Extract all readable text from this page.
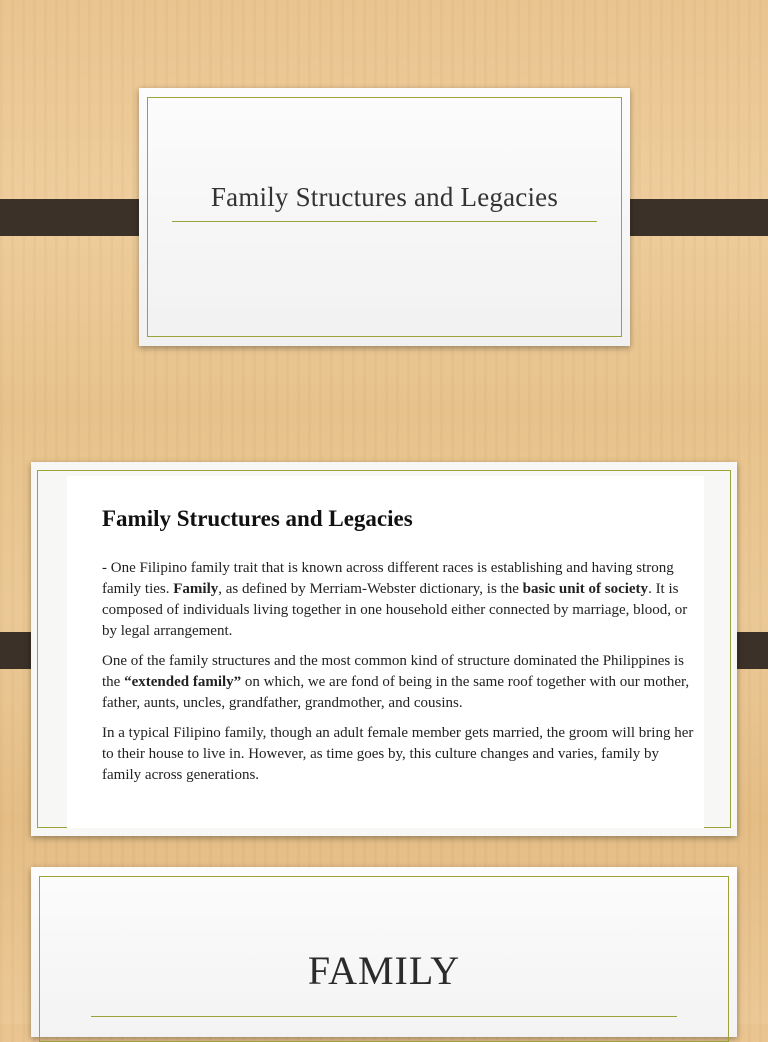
Family Structures and Legacies
Family Structures and Legacies

- One Filipino family trait that is known across different races is establishing and having strong family ties. Family, as defined by Merriam-Webster dictionary, is the basic unit of society. It is composed of individuals living together in one household either connected by marriage, blood, or by legal arrangement.

One of the family structures and the most common kind of structure dominated the Philippines is the “extended family” on which, we are fond of being in the same roof together with our mother, father, aunts, uncles, grandfather, grandmother, and cousins.

In a typical Filipino family, though an adult female member gets married, the groom will bring her to their house to live in. However, as time goes by, this culture changes and varies, family by family across generations.

FAMILY
